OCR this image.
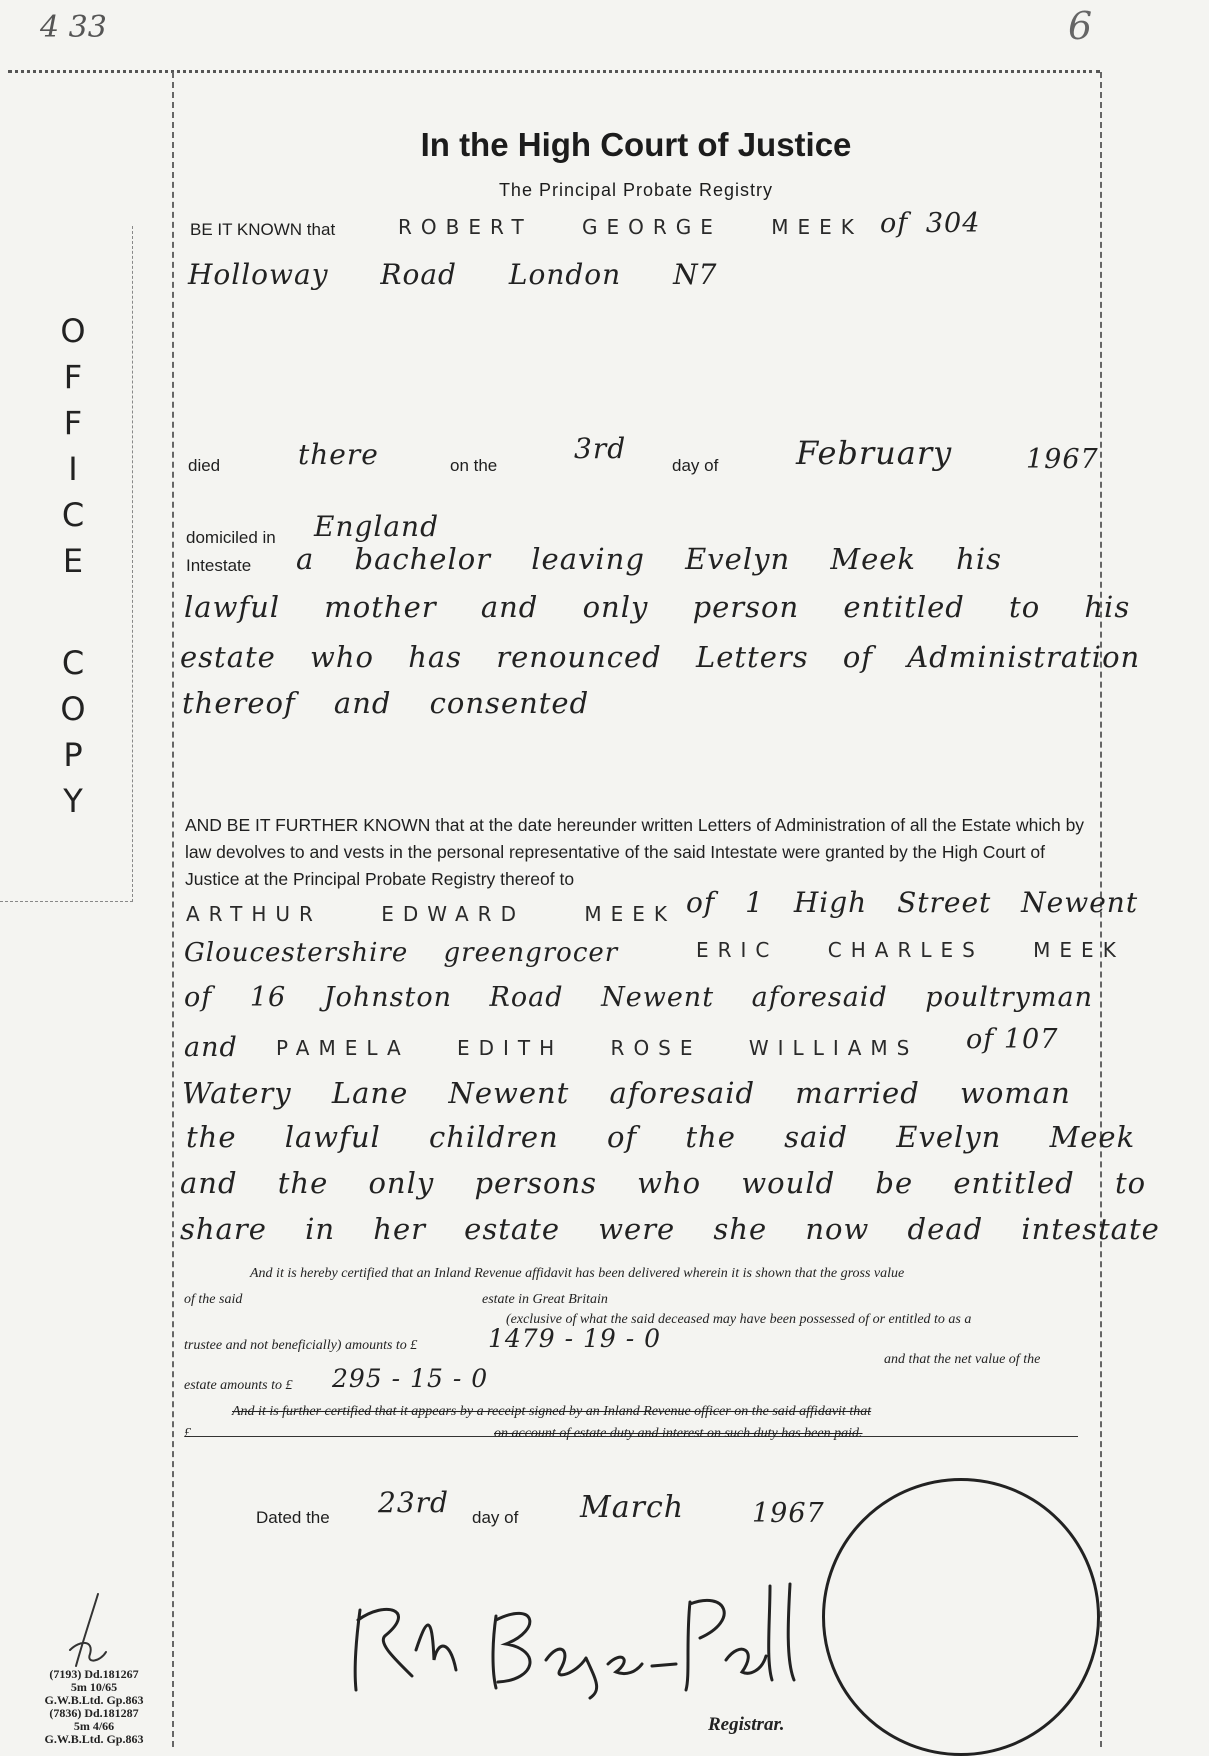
4 33	6
O
F
F
I
C
E
C
O
P
Y
In the High Court of Justice
The Principal Probate Registry
BE IT KNOWN that	ROBERT GEORGE MEEK of 304
Holloway Road London N7
died	there	on the
3rd
day of February	1967
domiciled in England
Intestate a bachelor leaving Evelyn Meek his
lawful mother and only person entitled to his
estate who has renounced Letters of Administration
thereof and consented
AND BE IT FURTHER KNOWN that at the date hereunder written Letters of Administration of all the Estate which by law devolves to and vests in the personal representative of the said Intestate were granted by the High Court of Justice at the Principal Probate Registry thereof to
ARTHUR EDWARD MEEK of 1 High Street Newent
Gloucestershire greengrocer	ERIC CHARLES MEEK
of 16 Johnston Road Newent aforesaid poultryman
and PAMELA EDITH ROSE WILLIAMS of 107
Watery Lane Newent aforesaid married woman
the lawful children of the said Evelyn Meek
and the only persons who would be entitled to
share in her estate were she now dead intestate
And it is hereby certified that an Inland Revenue affidavit has been delivered wherein it is shown that the gross value
of the said	estate in Great Britain
(exclusive of what the said deceased may have been possessed of or entitled to as a
trustee and not beneficially) amounts to £	1479 - 19 - 0
and that the net value of the
estate amounts to £ 295 - 15 - 0
And it is further certified that it appears by a receipt signed by an Inland Revenue officer on the said affidavit that
£	on account of estate duty and interest on such duty has been paid.
Dated the 23rd day of March	1967
Registrar.
(7193) Dd.181267
5m 10/65
G.W.B.Ltd. Gp.863
(7836) Dd.181287
5m 4/66
G.W.B.Ltd. Gp.863
